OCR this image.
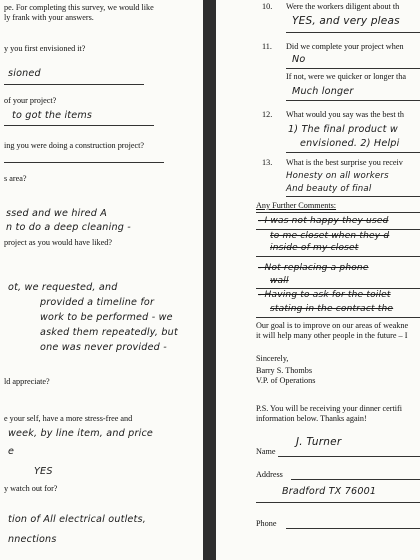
pe. For completing this survey, we would like
ly frank with your answers.
y you first envisioned it?
sioned
of your project?
to got the items
ing you were doing a construction project?
s area?
ssed and we hired A
n to do a deep cleaning -
project as you would have liked?
ot, we requested, and
provided a timeline for
work to be performed - we
asked them repeatedly, but
one was never provided -
ld appreciate?
e your self, have a more stress-free and
week, by line item, and price
e
YES
y watch out for?
tion of All electrical outlets,
nnections
10. Were the workers diligent about th
YES, and very pleas
11. Did we complete your project when
No
If not, were we quicker or longer tha
Much longer
12. What would you say was the best th
1) The final product w
envisioned. 2) Helpi
13. What is the best surprise you receiv
Honesty on all workers
And beauty of final
Any Further Comments:
- I was not happy they used
to me closet when they d
inside of my closet
- Not replacing a phone
wall
- Having to ask for the toilet
stating in the contract the
Our goal is to improve on our areas of weakne
it will help many other people in the future – I
Sincerely,
Barry S. Thombs
V.P. of Operations
P.S. You will be receiving your dinner certifi
information below. Thanks again!
Name
J. Turner
Address
Bradford TX 76001
Phone
